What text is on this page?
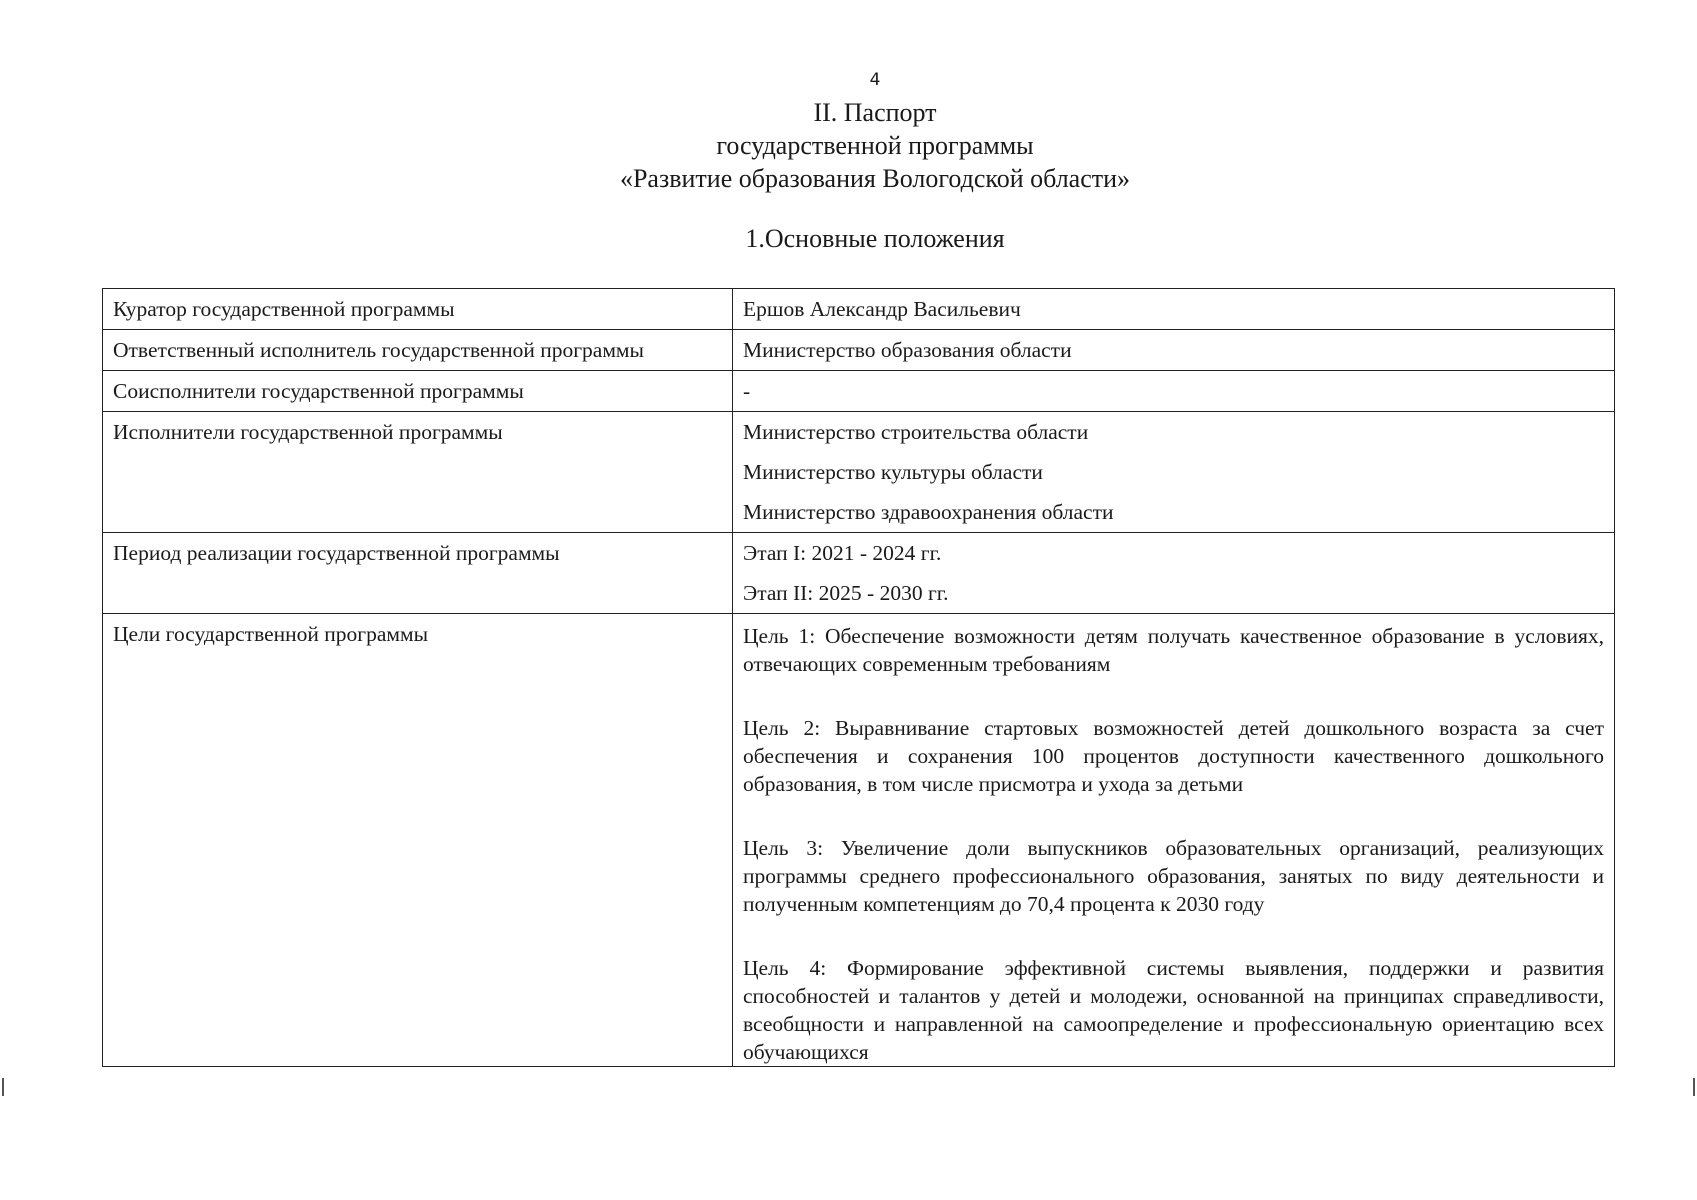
4
II. Паспорт
государственной программы
«Развитие образования Вологодской области»
1.Основные положения
Куратор государственной программы	Ершов Александр Васильевич

Ответственный исполнитель государственной программы	Министерство образования области

Соисполнители государственной программы	-

Исполнители государственной программы	Министерство строительства области
Министерство культуры области
Министерство здравоохранения области

Период реализации государственной программы	Этап I: 2021 - 2024 гг.
Этап II: 2025 - 2030 гг.

Цели государственной программы	Цель 1: Обеспечение возможности детям получать качественное образование в условиях, отвечающих современным требованиям
Цель 2: Выравнивание стартовых возможностей детей дошкольного возраста за счет обеспечения и сохранения 100 процентов доступности качественного дошкольного образования, в том числе присмотра и ухода за детьми
Цель 3: Увеличение доли выпускников образовательных организаций, реализующих программы среднего профессионального образования, занятых по виду деятельности и полученным компетенциям до 70,4 процента к 2030 году
Цель 4: Формирование эффективной системы выявления, поддержки и развития способностей и талантов у детей и молодежи, основанной на принципах справедливости, всеобщности и направленной на самоопределение и профессиональную ориентацию всех обучающихся
